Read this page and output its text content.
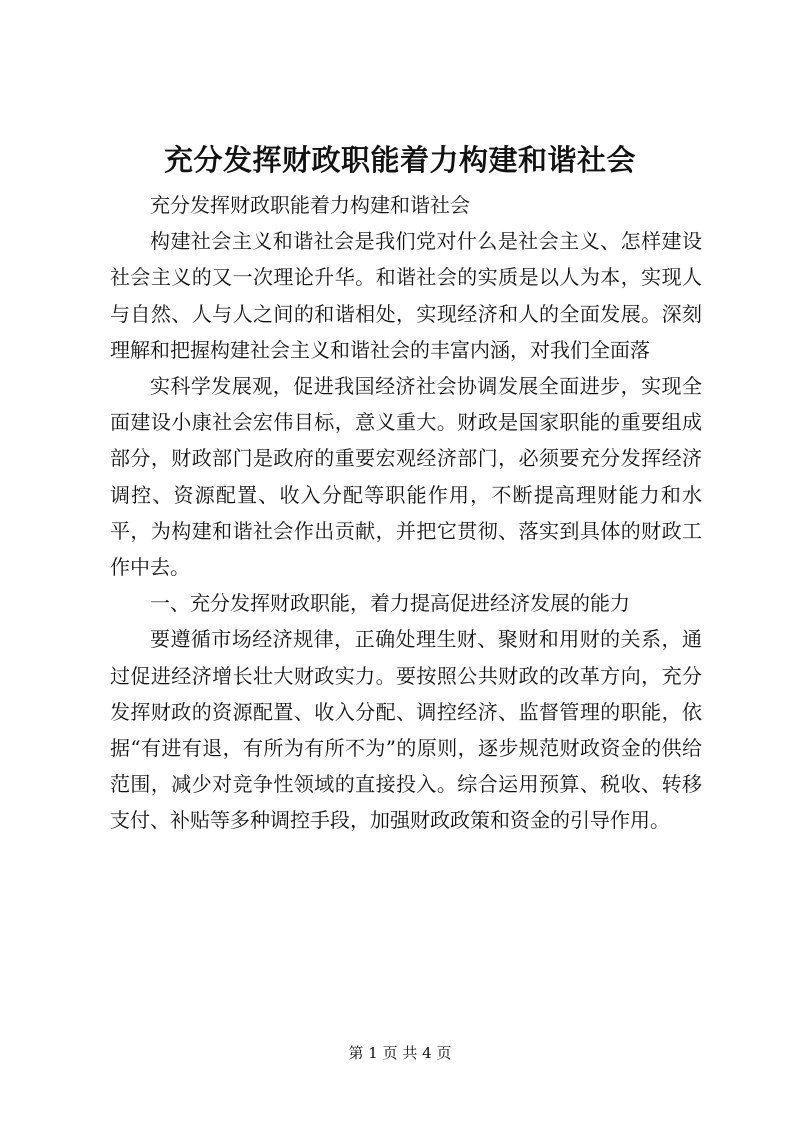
充分发挥财政职能着力构建和谐社会

充分发挥财政职能着力构建和谐社会

构建社会主义和谐社会是我们党对什么是社会主义、怎样建设社会主义的又一次理论升华。和谐社会的实质是以人为本，实现人与自然、人与人之间的和谐相处，实现经济和人的全面发展。深刻理解和把握构建社会主义和谐社会的丰富内涵，对我们全面落

实科学发展观，促进我国经济社会协调发展全面进步，实现全面建设小康社会宏伟目标，意义重大。财政是国家职能的重要组成部分，财政部门是政府的重要宏观经济部门，必须要充分发挥经济调控、资源配置、收入分配等职能作用，不断提高理财能力和水平，为构建和谐社会作出贡献，并把它贯彻、落实到具体的财政工作中去。

一、充分发挥财政职能，着力提高促进经济发展的能力

要遵循市场经济规律，正确处理生财、聚财和用财的关系，通过促进经济增长壮大财政实力。要按照公共财政的改革方向，充分发挥财政的资源配置、收入分配、调控经济、监督管理的职能，依据“有进有退，有所为有所不为”的原则，逐步规范财政资金的供给范围，减少对竞争性领域的直接投入。综合运用预算、税收、转移支付、补贴等多种调控手段，加强财政政策和资金的引导作用。

第 1 页 共 4 页
